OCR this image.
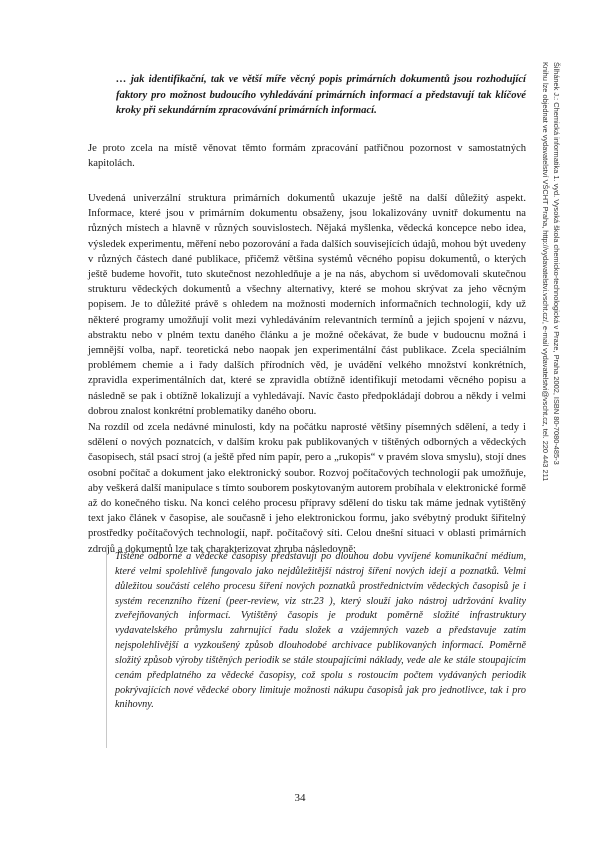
… jak identifikační, tak ve větší míře věcný popis primárních dokumentů jsou rozhodující faktory pro možnost budoucího vyhledávání primárních informací a představují tak klíčové kroky při sekundárním zpracovávání primárních informací.

Je proto zcela na místě věnovat těmto formám zpracování patřičnou pozornost v samostatných kapitolách.

Uvedená univerzální struktura primárních dokumentů ukazuje ještě na další důležitý aspekt. Informace, které jsou v primárním dokumentu obsaženy, jsou lokalizovány uvnitř dokumentu na různých místech a hlavně v různých souvislostech. Nějaká myšlenka, vědecká koncepce nebo idea, výsledek experimentu, měření nebo pozorování a řada dalších souvisejících údajů, mohou být uvedeny v různých částech dané publikace, přičemž většina systémů věcného popisu dokumentů, o kterých ještě budeme hovořit, tuto skutečnost nezohledňuje a je na nás, abychom si uvědomovali skutečnou strukturu vědeckých dokumentů a všechny alternativy, které se mohou skrývat za jeho věcným popisem. Je to důležité právě s ohledem na možnosti moderních informačních technologií, kdy už některé programy umožňují volit mezi vyhledáváním relevantních termínů a jejich spojení v názvu, abstraktu nebo v plném textu daného článku a je možné očekávat, že bude v budoucnu možná i jemnější volba, např. teoretická nebo naopak jen experimentální část publikace. Zcela speciálním problémem chemie a i řady dalších přírodních věd, je uvádění velkého množství konkrétních, zpravidla experimentálních dat, které se zpravidla obtížně identifikují metodami věcného popisu a následně se pak i obtížně lokalizují a vyhledávají. Navíc často předpokládají dobrou a někdy i velmi dobrou znalost konkrétní problematiky daného oboru.

Na rozdíl od zcela nedávné minulosti, kdy na počátku naprosté většiny písemných sdělení, a tedy i sdělení o nových poznatcích, v dalším kroku pak publikovaných v tištěných odborných a vědeckých časopisech, stál psací stroj (a ještě před ním papír, pero a „rukopis“ v pravém slova smyslu), stojí dnes osobní počítač a dokument jako elektronický soubor. Rozvoj počítačových technologií pak umožňuje, aby veškerá další manipulace s tímto souborem poskytovaným autorem probíhala v elektronické formě až do konečného tisku. Na konci celého procesu přípravy sdělení do tisku tak máme jednak vytištěný text jako článek v časopise, ale současně i jeho elektronickou formu, jako svébytný produkt šiřitelný prostředky počítačových technologií, např. počítačový síti. Celou dnešní situaci v oblasti primárních zdrojů a dokumentů lze tak charakterizovat zhruba následovně:

Tištěné odborné a vědecké časopisy představují po dlouhou dobu vyvíjené komunikační médium, které velmi spolehlivě fungovalo jako nejdůležitější nástroj šíření nových idejí a poznatků. Velmi důležitou součástí celého procesu šíření nových poznatků prostřednictvím vědeckých časopisů je i systém recenzního řízení (peer-review, viz str.23 ), který slouží jako nástroj udržování kvality zveřejňovaných informací. Vytištěný časopis je produkt poměrně složité infrastruktury vydavatelského průmyslu zahrnující řadu složek a vzájemných vazeb a představuje zatím nejspolehlivější a vyzkoušený způsob dlouhodobé archivace publikovaných informací. Poměrně složitý způsob výroby tištěných periodik se stále stoupajícími náklady, vede ale ke stále stoupajícím cenám předplatného za vědecké časopisy, což spolu s rostoucím počtem vydávaných periodik pokrývajících nové vědecké obory limituje možnosti nákupu časopisů jak pro jednotlivce, tak i pro knihovny.

34
Šilhánek J.: Chemická informatika 1. vyd. Vysoká škola chemicko-technologická v Praze, Praha 2002, ISBN 80-7080-485-3
Knihu lze objednat ve vydavatelství VŠCHT Praha, http://vydavatelstvi.vscht.cz/, e-mail vydavatelstvi@vscht.cz, tel. 220 443 211
